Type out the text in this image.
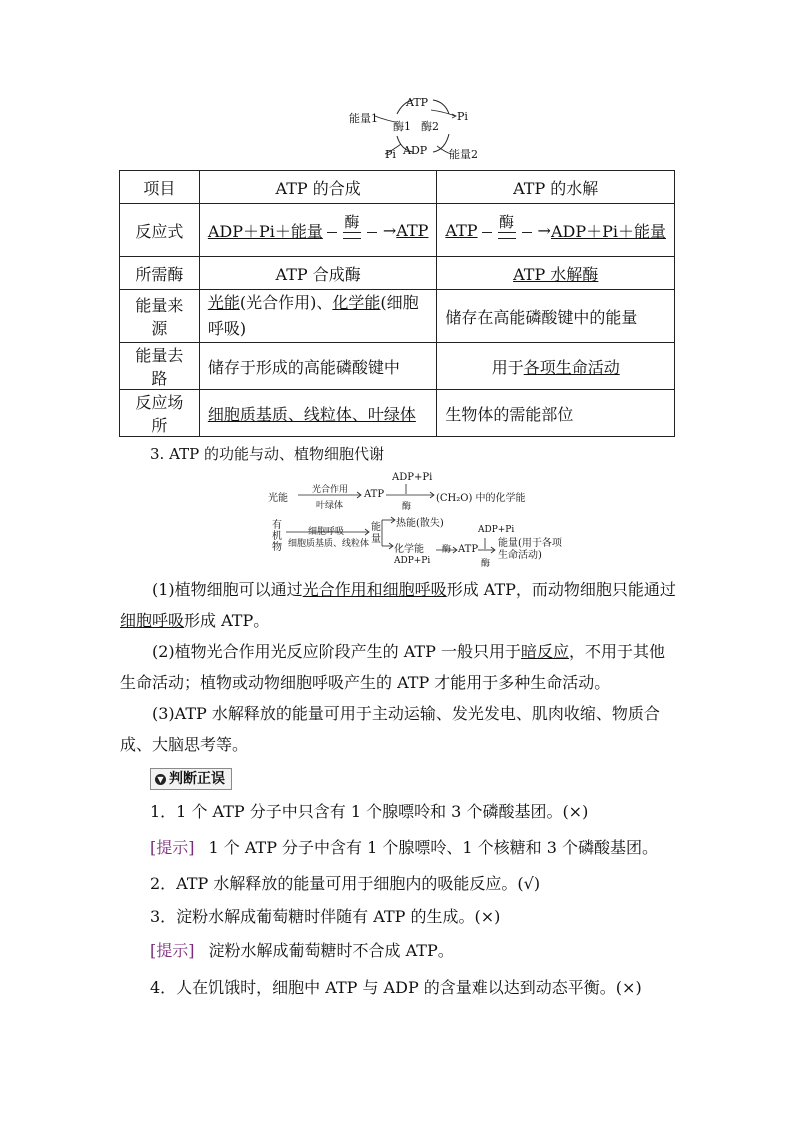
ATP
Pi
能量1
酶1 酶2
Pi ADP 能量2
项目	ATP 的合成	ATP 的水解
反应式	ADP＋Pi＋能量 酶 → ATP	ATP 酶 → ADP＋Pi＋能量

所需酶	ATP 合成酶	ATP 水解酶
能量来源	光能(光合作用)、化学能(细胞呼吸)	储存在高能磷酸键中的能量
能量去路	储存于形成的高能磷酸键中	用于各项生命活动
反应场所	细胞质基质、线粒体、叶绿体	生物体的需能部位
3. ATP 的功能与动、植物细胞代谢
光能
光合作用
叶绿体
ATP
ADP+Pi
酶
(CH₂O) 中的化学能
有机物
细胞呼吸
细胞质基质、线粒体
能量
热能(散失)
化学能
ADP+Pi
酶 ATP
ADP+Pi
酶
能量(用于各项生命活动)

(1)植物细胞可以通过光合作用和细胞呼吸形成 ATP，而动物细胞只能通过细胞呼吸形成 ATP。

(2)植物光合作用光反应阶段产生的 ATP 一般只用于暗反应，不用于其他生命活动；植物或动物细胞呼吸产生的 ATP 才能用于多种生命活动。

(3)ATP 水解释放的能量可用于主动运输、发光发电、肌肉收缩、物质合成、大脑思考等。

▼ 判断正误
1．1 个 ATP 分子中只含有 1 个腺嘌呤和 3 个磷酸基团。(×)
[提示] 1 个 ATP 分子中含有 1 个腺嘌呤、1 个核糖和 3 个磷酸基团。
2．ATP 水解释放的能量可用于细胞内的吸能反应。(√)
3．淀粉水解成葡萄糖时伴随有 ATP 的生成。(×)
[提示] 淀粉水解成葡萄糖时不合成 ATP。
4．人在饥饿时，细胞中 ATP 与 ADP 的含量难以达到动态平衡。(×)
